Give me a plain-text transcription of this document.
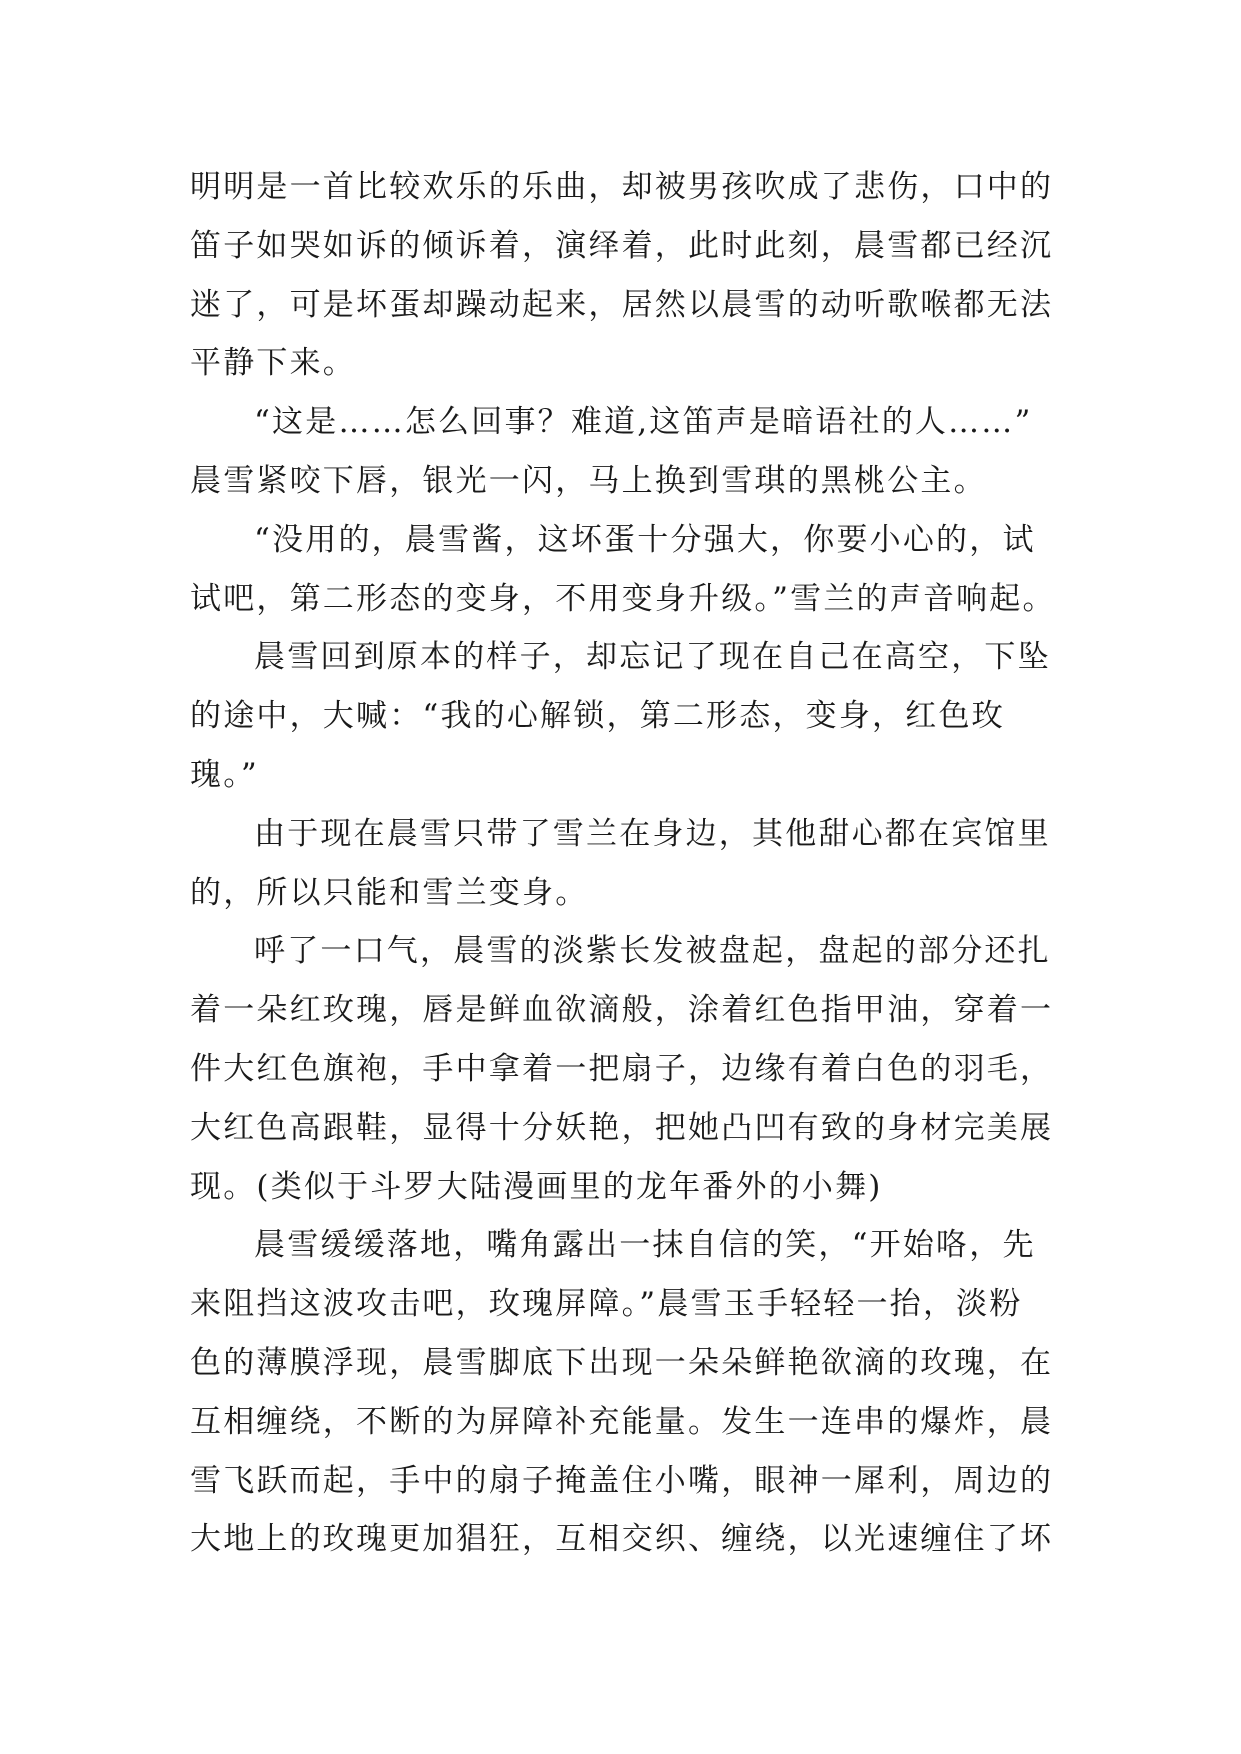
明明是一首比较欢乐的乐曲，却被男孩吹成了悲伤，口中的
笛子如哭如诉的倾诉着，演绎着，此时此刻，晨雪都已经沉
迷了，可是坏蛋却躁动起来，居然以晨雪的动听歌喉都无法
平静下来。
“这是……怎么回事？难道,这笛声是暗语社的人……”
晨雪紧咬下唇，银光一闪，马上换到雪琪的黑桃公主。
“没用的，晨雪酱，这坏蛋十分强大，你要小心的，试
试吧，第二形态的变身，不用变身升级。”雪兰的声音响起。
晨雪回到原本的样子，却忘记了现在自己在高空，下坠
的途中，大喊：“我的心解锁，第二形态，变身，红色玫
瑰。”
由于现在晨雪只带了雪兰在身边，其他甜心都在宾馆里
的，所以只能和雪兰变身。
呼了一口气，晨雪的淡紫长发被盘起，盘起的部分还扎
着一朵红玫瑰，唇是鲜血欲滴般，涂着红色指甲油，穿着一
件大红色旗袍，手中拿着一把扇子，边缘有着白色的羽毛，
大红色高跟鞋，显得十分妖艳，把她凸凹有致的身材完美展
现。(类似于斗罗大陆漫画里的龙年番外的小舞)
晨雪缓缓落地，嘴角露出一抹自信的笑，“开始咯，先
来阻挡这波攻击吧，玫瑰屏障。”晨雪玉手轻轻一抬，淡粉
色的薄膜浮现，晨雪脚底下出现一朵朵鲜艳欲滴的玫瑰，在
互相缠绕，不断的为屏障补充能量。发生一连串的爆炸，晨
雪飞跃而起，手中的扇子掩盖住小嘴，眼神一犀利，周边的
大地上的玫瑰更加猖狂，互相交织、缠绕，以光速缠住了坏
